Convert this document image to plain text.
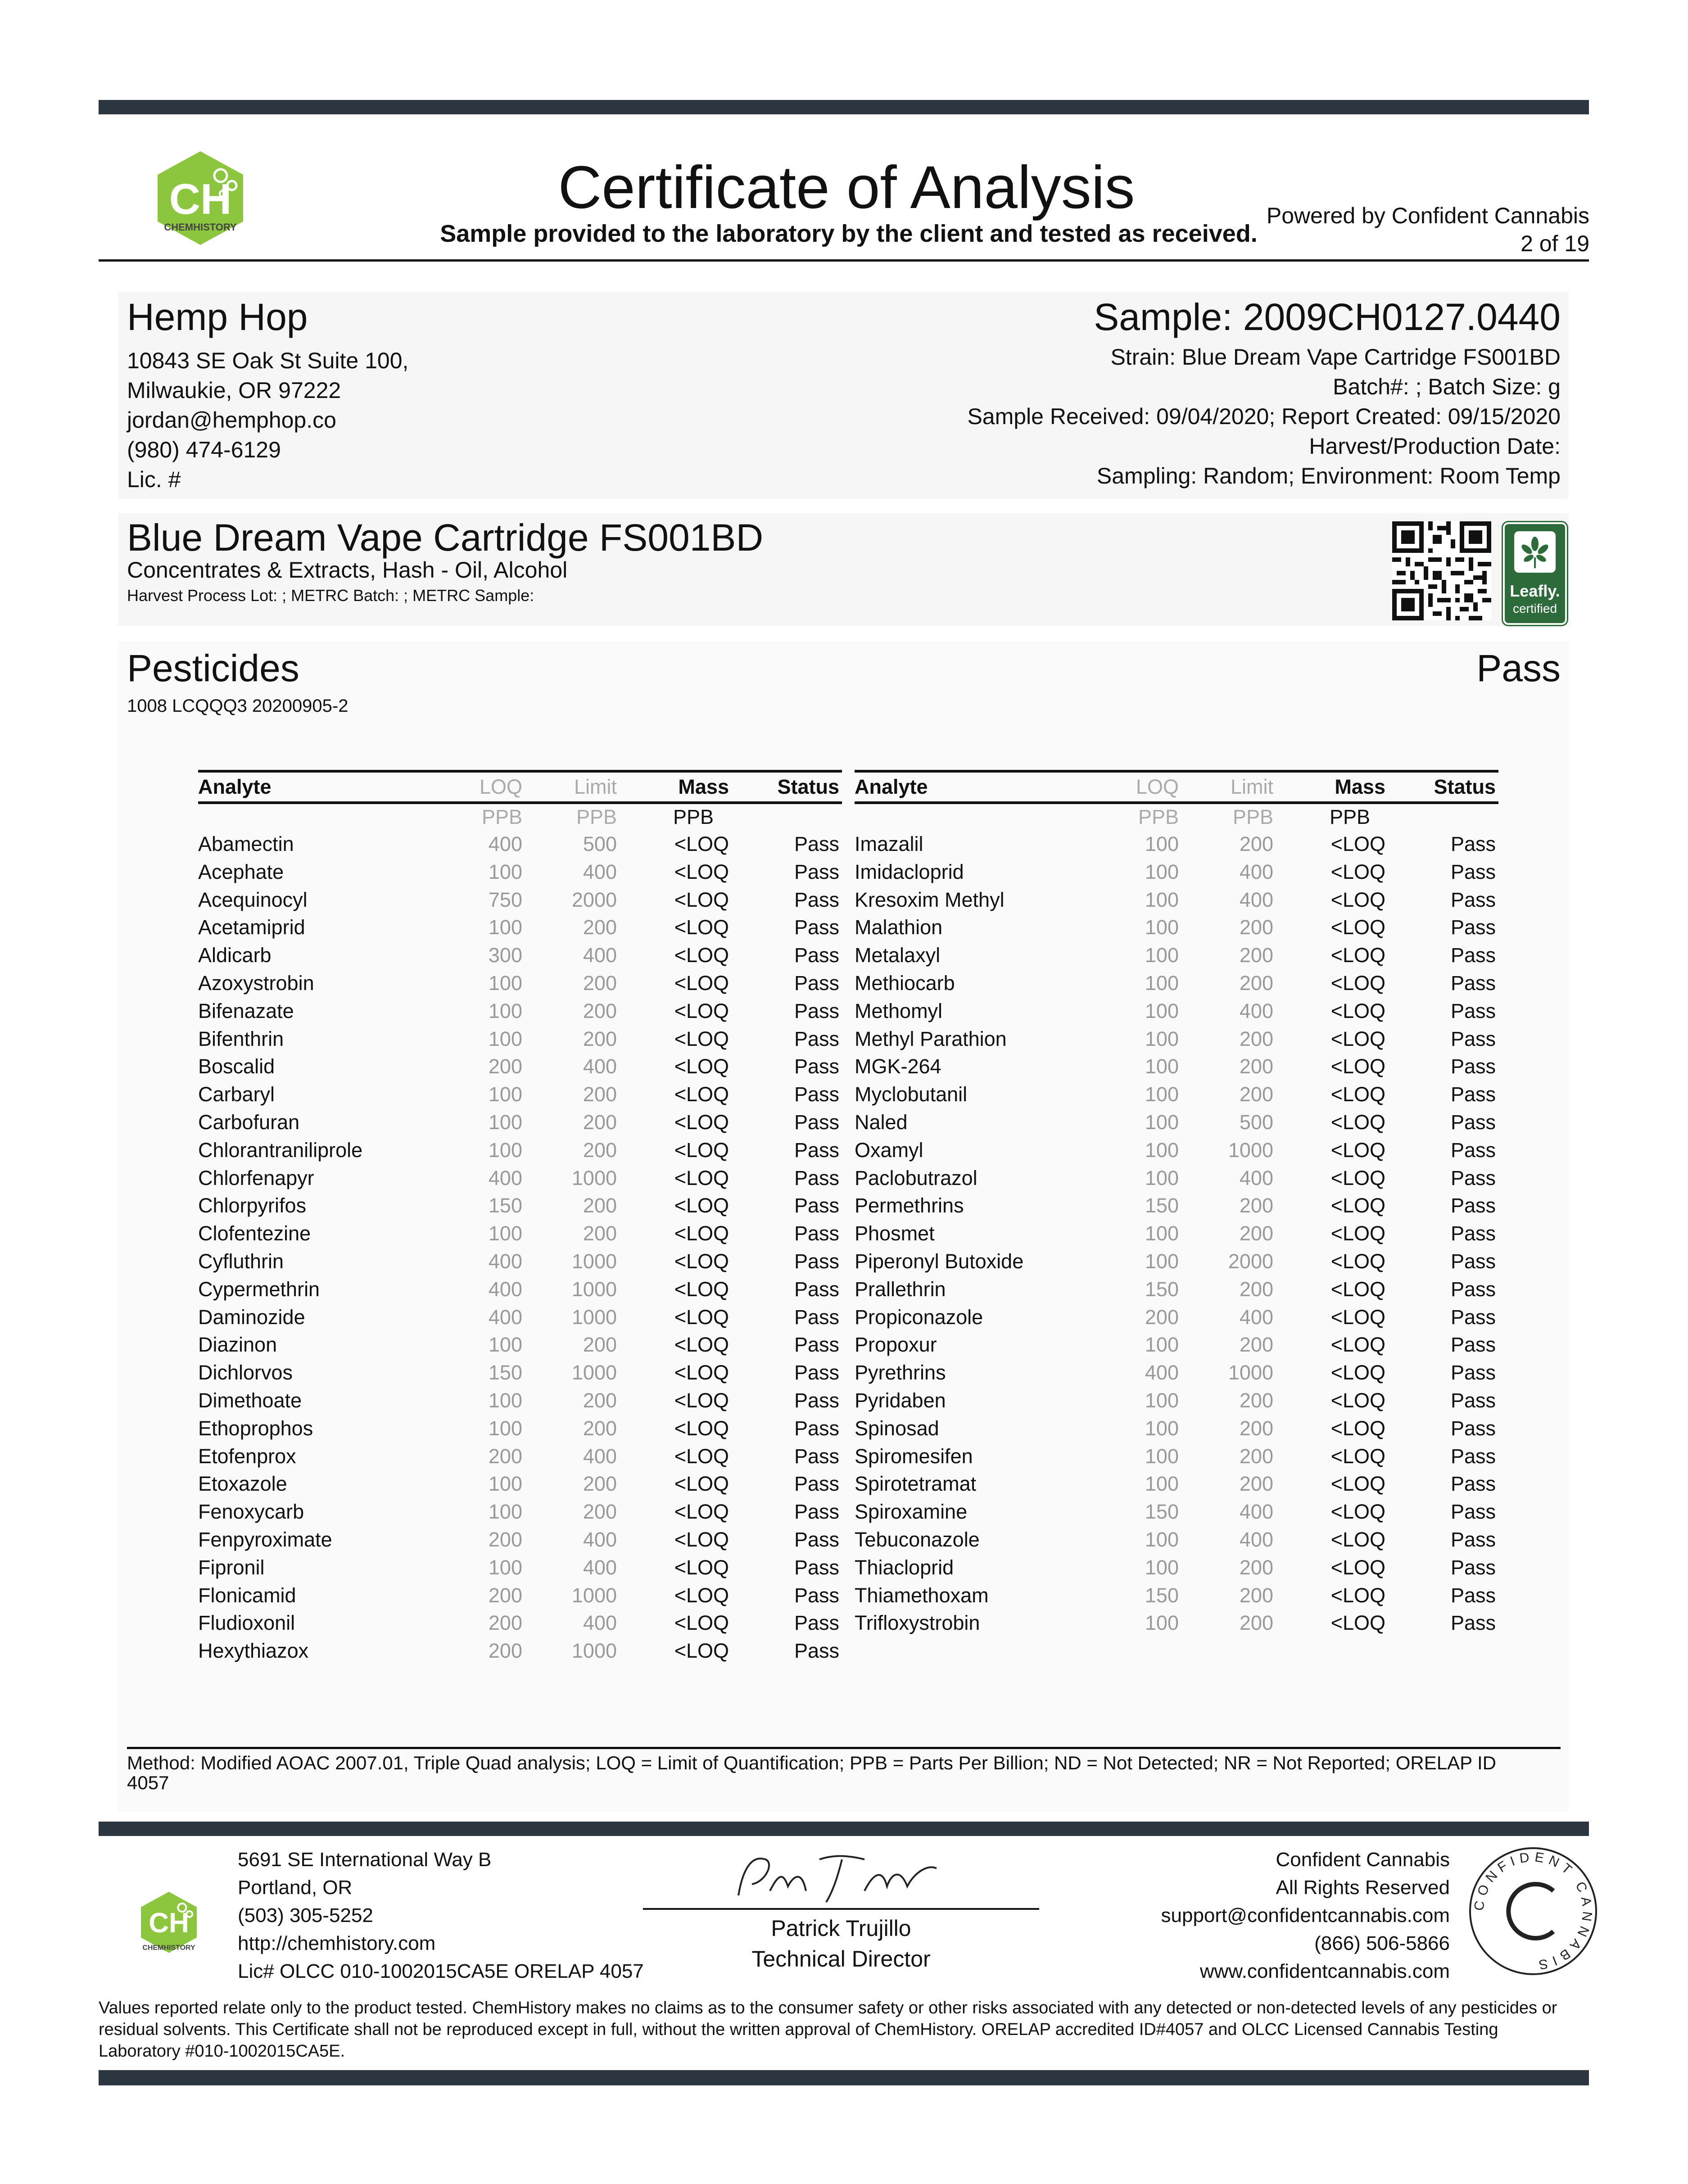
CH
CHEMHISTORY
Certificate of Analysis
Sample provided to the laboratory by the client and tested as received.
Powered by Confident Cannabis
2 of 19
Hemp Hop
10843 SE Oak St Suite 100,
Milwaukie, OR 97222
jordan@hemphop.co
(980) 474-6129
Lic. #
Sample: 2009CH0127.0440
Strain: Blue Dream Vape Cartridge FS001BD
Batch#: ; Batch Size: g
Sample Received: 09/04/2020; Report Created: 09/15/2020
Harvest/Production Date:
Sampling: Random; Environment: Room Temp
Blue Dream Vape Cartridge FS001BD
Concentrates & Extracts, Hash - Oil, Alcohol
Harvest Process Lot: ; METRC Batch: ; METRC Sample:	Leafly.
certified
Pesticides	Pass
1008 LCQQQ3 20200905-2
Analyte	LOQ	Limit	Mass	Status
	PPB	PPB	PPB	
Abamectin	400	500	<LOQ	Pass
Acephate	100	400	<LOQ	Pass
Acequinocyl	750	2000	<LOQ	Pass
Acetamiprid	100	200	<LOQ	Pass
Aldicarb	300	400	<LOQ	Pass
Azoxystrobin	100	200	<LOQ	Pass
Bifenazate	100	200	<LOQ	Pass
Bifenthrin	100	200	<LOQ	Pass
Boscalid	200	400	<LOQ	Pass
Carbaryl	100	200	<LOQ	Pass
Carbofuran	100	200	<LOQ	Pass
Chlorantraniliprole	100	200	<LOQ	Pass
Chlorfenapyr	400	1000	<LOQ	Pass
Chlorpyrifos	150	200	<LOQ	Pass
Clofentezine	100	200	<LOQ	Pass
Cyfluthrin	400	1000	<LOQ	Pass
Cypermethrin	400	1000	<LOQ	Pass
Daminozide	400	1000	<LOQ	Pass
Diazinon	100	200	<LOQ	Pass
Dichlorvos	150	1000	<LOQ	Pass
Dimethoate	100	200	<LOQ	Pass
Ethoprophos	100	200	<LOQ	Pass
Etofenprox	200	400	<LOQ	Pass
Etoxazole	100	200	<LOQ	Pass
Fenoxycarb	100	200	<LOQ	Pass
Fenpyroximate	200	400	<LOQ	Pass
Fipronil	100	400	<LOQ	Pass
Flonicamid	200	1000	<LOQ	Pass
Fludioxonil	200	400	<LOQ	Pass
Hexythiazox	200	1000	<LOQ	Pass
Analyte	LOQ	Limit	Mass	Status
	PPB	PPB	PPB	
Imazalil	100	200	<LOQ	Pass
Imidacloprid	100	400	<LOQ	Pass
Kresoxim Methyl	100	400	<LOQ	Pass
Malathion	100	200	<LOQ	Pass
Metalaxyl	100	200	<LOQ	Pass
Methiocarb	100	200	<LOQ	Pass
Methomyl	100	400	<LOQ	Pass
Methyl Parathion	100	200	<LOQ	Pass
MGK-264	100	200	<LOQ	Pass
Myclobutanil	100	200	<LOQ	Pass
Naled	100	500	<LOQ	Pass
Oxamyl	100	1000	<LOQ	Pass
Paclobutrazol	100	400	<LOQ	Pass
Permethrins	150	200	<LOQ	Pass
Phosmet	100	200	<LOQ	Pass
Piperonyl Butoxide	100	2000	<LOQ	Pass
Prallethrin	150	200	<LOQ	Pass
Propiconazole	200	400	<LOQ	Pass
Propoxur	100	200	<LOQ	Pass
Pyrethrins	400	1000	<LOQ	Pass
Pyridaben	100	200	<LOQ	Pass
Spinosad	100	200	<LOQ	Pass
Spiromesifen	100	200	<LOQ	Pass
Spirotetramat	100	200	<LOQ	Pass
Spiroxamine	150	400	<LOQ	Pass
Tebuconazole	100	400	<LOQ	Pass
Thiacloprid	100	200	<LOQ	Pass
Thiamethoxam	150	200	<LOQ	Pass
Trifloxystrobin	100	200	<LOQ	Pass
Method: Modified AOAC 2007.01, Triple Quad analysis; LOQ = Limit of Quantification; PPB = Parts Per Billion; ND = Not Detected; NR = Not Reported; ORELAP ID
4057
CH
CHEMHISTORY
5691 SE International Way B
Portland, OR
(503) 305-5252
http://chemhistory.com
Lic# OLCC 010-1002015CA5E ORELAP 4057
Patrick Trujillo
Technical Director
Confident Cannabis
All Rights Reserved
support@confidentcannabis.com
(866) 506-5866
www.confidentcannabis.com
CONFIDENT CANNABIS
Values reported relate only to the product tested. ChemHistory makes no claims as to the consumer safety or other risks associated with any detected or non-detected levels of any pesticides or
residual solvents. This Certificate shall not be reproduced except in full, without the written approval of ChemHistory. ORELAP accredited ID#4057 and OLCC Licensed Cannabis Testing
Laboratory #010-1002015CA5E.
